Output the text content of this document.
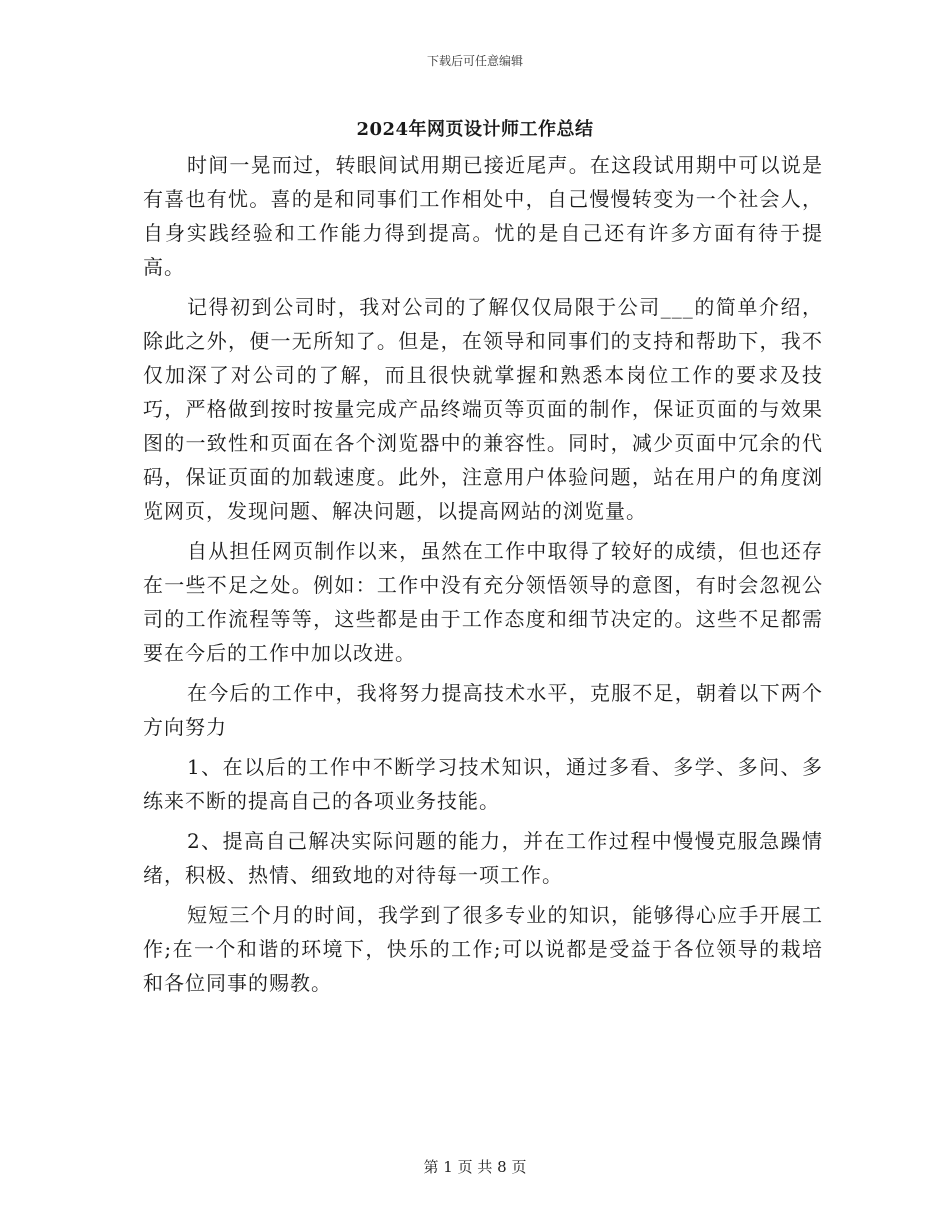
下载后可任意编辑
2024年网页设计师工作总结

时间一晃而过，转眼间试用期已接近尾声。在这段试用期中可以说是有喜也有忧。喜的是和同事们工作相处中，自己慢慢转变为一个社会人，自身实践经验和工作能力得到提高。忧的是自己还有许多方面有待于提高。

记得初到公司时，我对公司的了解仅仅局限于公司___的简单介绍，除此之外，便一无所知了。但是，在领导和同事们的支持和帮助下，我不仅加深了对公司的了解，而且很快就掌握和熟悉本岗位工作的要求及技巧，严格做到按时按量完成产品终端页等页面的制作，保证页面的与效果图的一致性和页面在各个浏览器中的兼容性。同时，减少页面中冗余的代码，保证页面的加载速度。此外，注意用户体验问题，站在用户的角度浏览网页，发现问题、解决问题，以提高网站的浏览量。

自从担任网页制作以来，虽然在工作中取得了较好的成绩，但也还存在一些不足之处。例如：工作中没有充分领悟领导的意图，有时会忽视公司的工作流程等等，这些都是由于工作态度和细节决定的。这些不足都需要在今后的工作中加以改进。

在今后的工作中，我将努力提高技术水平，克服不足，朝着以下两个方向努力

1、在以后的工作中不断学习技术知识，通过多看、多学、多问、多练来不断的提高自己的各项业务技能。

2、提高自己解决实际问题的能力，并在工作过程中慢慢克服急躁情绪，积极、热情、细致地的对待每一项工作。

短短三个月的时间，我学到了很多专业的知识，能够得心应手开展工作;在一个和谐的环境下，快乐的工作;可以说都是受益于各位领导的栽培和各位同事的赐教。

第 1 页 共 8 页
